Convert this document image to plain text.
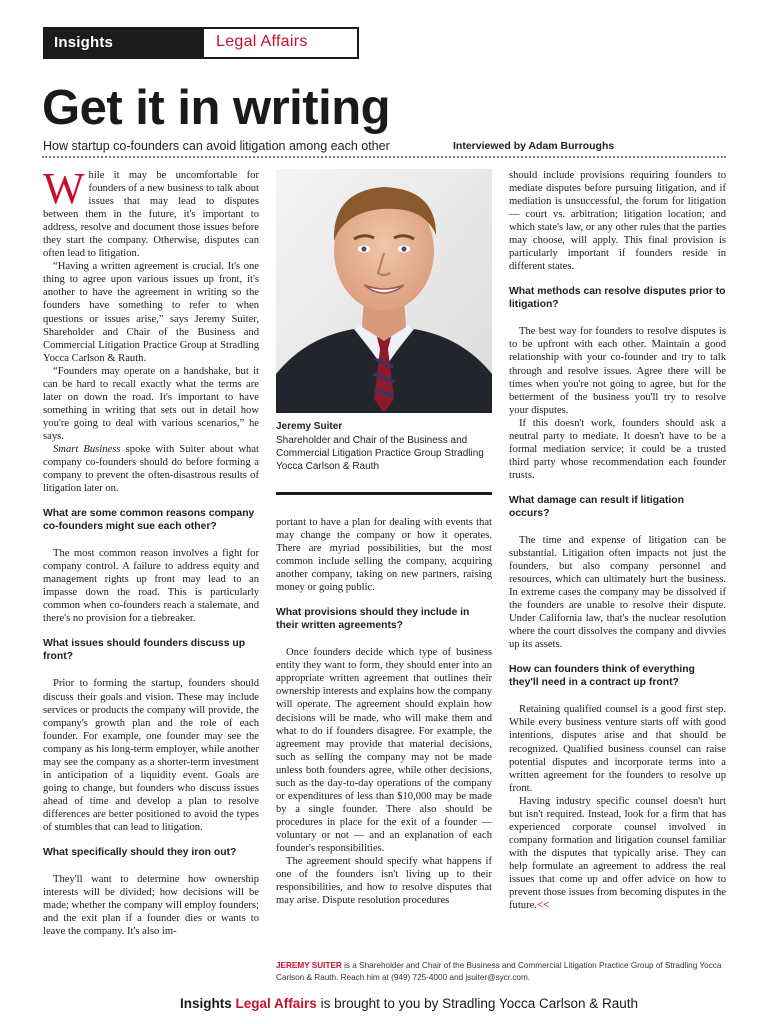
Insights	Legal Affairs
Get it in writing
How startup co-founders can avoid litigation among each other	Interviewed by Adam Burroughs

While it may be uncomfortable for founders of a new business to talk about issues that may lead to disputes between them in the future, it's important to address, resolve and document those issues before they start the company. Otherwise, disputes can often lead to litigation.

“Having a written agreement is crucial. It's one thing to agree upon various issues up front, it's another to have the agreement in writing so the founders have something to refer to when questions or issues arise,” says Jeremy Suiter, Shareholder and Chair of the Business and Commercial Litigation Practice Group at Stradling Yocca Carlson & Rauth.

“Founders may operate on a handshake, but it can be hard to recall exactly what the terms are later on down the road. It's important to have something in writing that sets out in detail how you're going to deal with various scenarios,” he says.

Smart Business spoke with Suiter about what company co-founders should do before forming a company to prevent the often-disastrous results of litigation later on.

What are some common reasons company co-founders might sue each other?

The most common reason involves a fight for company control. A failure to address equity and management rights up front may lead to an impasse down the road. This is particularly common when co-founders reach a stalemate, and there's no provision for a tiebreaker.

What issues should founders discuss up front?

Prior to forming the startup, founders should discuss their goals and vision. These may include services or products the company will provide, the company's growth plan and the role of each founder. For example, one founder may see the company as his long-term employer, while another may see the company as a shorter-term investment in anticipation of a liquidity event. Goals are going to change, but founders who discuss issues ahead of time and develop a plan to resolve differences are better positioned to avoid the types of stumbles that can lead to litigation.

What specifically should they iron out?

They'll want to determine how ownership interests will be divided; how decisions will be made; whether the company will employ founders; and the exit plan if a founder dies or wants to leave the company. It's also im-

Jeremy Suiter
Shareholder and Chair of the Business and Commercial Litigation Practice Group Stradling Yocca Carlson & Rauth

portant to have a plan for dealing with events that may change the company or how it operates. There are myriad possibilities, but the most common include selling the company, acquiring another company, taking on new partners, raising money or going public.

What provisions should they include in their written agreements?

Once founders decide which type of business entity they want to form, they should enter into an appropriate written agreement that outlines their ownership interests and explains how the company will operate. The agreement should explain how decisions will be made, who will make them and what to do if founders disagree. For example, the agreement may provide that material decisions, such as selling the company may not be made unless both founders agree, while other decisions, such as the day-to-day operations of the company or expenditures of less than $10,000 may be made by a single founder. There also should be procedures in place for the exit of a founder — voluntary or not — and an explanation of each founder's responsibilities.

The agreement should specify what happens if one of the founders isn't living up to their responsibilities, and how to resolve disputes that may arise. Dispute resolution procedures

should include provisions requiring founders to mediate disputes before pursuing litigation, and if mediation is unsuccessful, the forum for litigation — court vs. arbitration; litigation location; and which state's law, or any other rules that the parties may choose, will apply. This final provision is particularly important if founders reside in different states.

What methods can resolve disputes prior to litigation?

The best way for founders to resolve disputes is to be upfront with each other. Maintain a good relationship with your co-founder and try to talk through and resolve issues. Agree there will be times when you're not going to agree, but for the betterment of the business you'll try to resolve your disputes.

If this doesn't work, founders should ask a neutral party to mediate. It doesn't have to be a formal mediation service; it could be a trusted third party whose recommendation each founder trusts.

What damage can result if litigation occurs?

The time and expense of litigation can be substantial. Litigation often impacts not just the founders, but also company personnel and resources, which can ultimately hurt the business. In extreme cases the company may be dissolved if the founders are unable to resolve their dispute. Under California law, that's the nuclear resolution where the court dissolves the company and divvies up its assets.

How can founders think of everything they'll need in a contract up front?

Retaining qualified counsel is a good first step. While every business venture starts off with good intentions, disputes arise and that should be recognized. Qualified business counsel can raise potential disputes and incorporate terms into a written agreement for the founders to resolve up front.

Having industry specific counsel doesn't hurt but isn't required. Instead, look for a firm that has experienced corporate counsel involved in company formation and litigation counsel familiar with the disputes that typically arise. They can help formulate an agreement to address the real issues that come up and offer advice on how to prevent those issues from becoming disputes in the future.<<

JEREMY SUITER is a Shareholder and Chair of the Business and Commercial Litigation Practice Group of Stradling Yocca Carlson & Rauth. Reach him at (949) 725-4000 and jsuiter@sycr.com.
Insights Legal Affairs is brought to you by Stradling Yocca Carlson & Rauth
